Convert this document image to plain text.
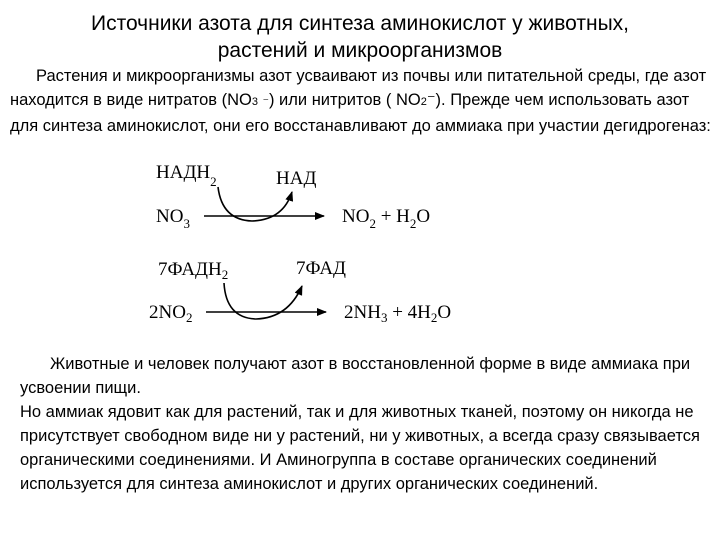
Источники азота для синтеза аминокислот у животных,
растений и микроорганизмов

Растения и микроорганизмы азот усваивают из почвы или питательной среды, где азот находится в виде нитратов (NO3 ⁻) или нитритов ( NO2⁻). Прежде чем использовать азот для синтеза аминокислот, они его восстанавливают до аммиака при участии дегидрогеназ:

$НАДН_2$	НАД
$NO_3$	$NO_2 + H_2O$
$7ФАДН_2$	7ФАД
$2NO_2$	$2NH_3 + 4H_2O$

Животные и человек получают азот в восстановленной форме в виде аммиака при усвоении пищи.
Но аммиак ядовит как для растений, так и для животных тканей, поэтому он никогда не присутствует свободном виде ни у растений, ни у животных, а всегда сразу связывается органическими соединениями. И Аминогруппа в составе органических соединений используется для синтеза аминокислот и других органических соединений.
